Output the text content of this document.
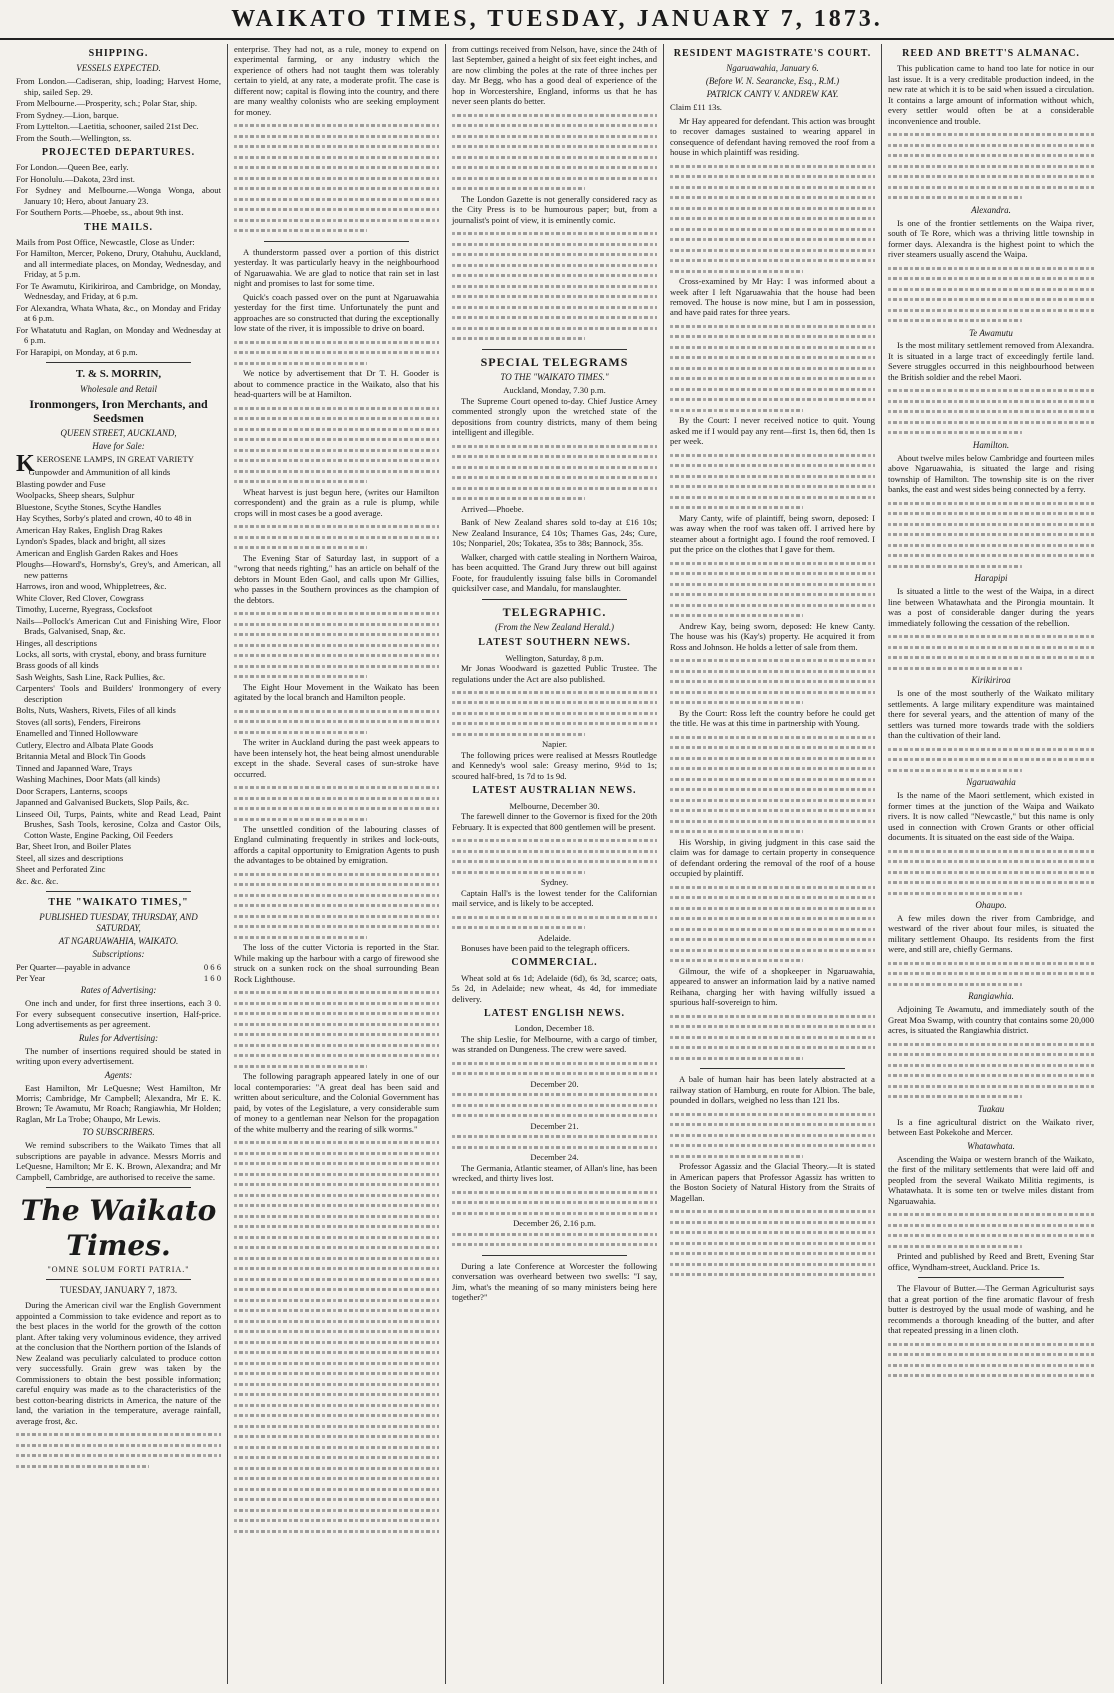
WAIKATO TIMES, TUESDAY, JANUARY 7, 1873.
SHIPPING.
VESSELS EXPECTED.

From London.—Cadiseran, ship, loading; Harvest Home, ship, sailed Sep. 29.

From Melbourne.—Prosperity, sch.; Polar Star, ship.

From Sydney.—Lion, barque.

From Lyttelton.—Laetitia, schooner, sailed 21st Dec.

From the South.—Wellington, ss.

PROJECTED DEPARTURES.

For London.—Queen Bee, early.

For Honolulu.—Dakota, 23rd inst.

For Sydney and Melbourne.—Wonga Wonga, about January 10; Hero, about January 23.

For Southern Ports.—Phoebe, ss., about 9th inst.

THE MAILS.

Mails from Post Office, Newcastle, Close as Under:

For Hamilton, Mercer, Pokeno, Drury, Otahuhu, Auckland, and all intermediate places, on Monday, Wednesday, and Friday, at 5 p.m.

For Te Awamutu, Kirikiriroa, and Cambridge, on Monday, Wednesday, and Friday, at 6 p.m.

For Alexandra, Whata Whata, &c., on Monday and Friday at 6 p.m.

For Whatatutu and Raglan, on Monday and Wednesday at 6 p.m.

For Harapipi, on Monday, at 6 p.m.

T. & S. MORRIN,
Wholesale and Retail
Ironmongers, Iron Merchants, and Seedsmen
QUEEN STREET, AUCKLAND,
Have for Sale:

KKEROSENE LAMPS, IN GREAT VARIETY

Gunpowder and Ammunition of all kinds

Blasting powder and Fuse

Woolpacks, Sheep shears, Sulphur

Bluestone, Scythe Stones, Scythe Handles

Hay Scythes, Sorby's plated and crown, 40 to 48 in

American Hay Rakes, English Drag Rakes

Lyndon's Spades, black and bright, all sizes

American and English Garden Rakes and Hoes

Ploughs—Howard's, Hornsby's, Grey's, and American, all new patterns

Harrows, iron and wood, Whippletrees, &c.

White Clover, Red Clover, Cowgrass

Timothy, Lucerne, Ryegrass, Cocksfoot

Nails—Pollock's American Cut and Finishing Wire, Floor Brads, Galvanised, Snap, &c.

Hinges, all descriptions

Locks, all sorts, with crystal, ebony, and brass furniture

Brass goods of all kinds

Sash Weights, Sash Line, Rack Pullies, &c.

Carpenters' Tools and Builders' Ironmongery of every description

Bolts, Nuts, Washers, Rivets, Files of all kinds

Stoves (all sorts), Fenders, Fireirons

Enamelled and Tinned Hollowware

Cutlery, Electro and Albata Plate Goods

Britannia Metal and Block Tin Goods

Tinned and Japanned Ware, Trays

Washing Machines, Door Mats (all kinds)

Door Scrapers, Lanterns, scoops

Japanned and Galvanised Buckets, Slop Pails, &c.

Linseed Oil, Turps, Paints, white and Read Lead, Paint Brushes, Sash Tools, kerosine, Colza and Castor Oils, Cotton Waste, Engine Packing, Oil Feeders

Bar, Sheet Iron, and Boiler Plates

Steel, all sizes and descriptions

Sheet and Perforated Zinc

&c. &c. &c.

THE "WAIKATO TIMES,"
PUBLISHED TUESDAY, THURSDAY, AND SATURDAY,
AT NGARUAWAHIA, WAIKATO.
Subscriptions:
Per Quarter—payable in advance	0 6 6
Per Year	1 6 0
Rates of Advertising:

One inch and under, for first three insertions, each 3 0. For every subsequent consecutive insertion, Half-price. Long advertisements as per agreement.

Rules for Advertising:

The number of insertions required should be stated in writing upon every advertisement.

Agents:

East Hamilton, Mr LeQuesne; West Hamilton, Mr Morris; Cambridge, Mr Campbell; Alexandra, Mr E. K. Brown; Te Awamutu, Mr Roach; Rangiawhia, Mr Holden; Raglan, Mr La Trobe; Ohaupo, Mr Lewis.

TO SUBSCRIBERS.

We remind subscribers to the Waikato Times that all subscriptions are payable in advance. Messrs Morris and LeQuesne, Hamilton; Mr E. K. Brown, Alexandra; and Mr Campbell, Cambridge, are authorised to receive the same.

The Waikato Times.
"OMNE SOLUM FORTI PATRIA."
TUESDAY, JANUARY 7, 1873.

During the American civil war the English Government appointed a Commission to take evidence and report as to the best places in the world for the growth of the cotton plant. After taking very voluminous evidence, they arrived at the conclusion that the Northern portion of the Islands of New Zealand was peculiarly calculated to produce cotton very successfully. Grain grew was taken by the Commissioners to obtain the best possible information; careful enquiry was made as to the characteristics of the best cotton-bearing districts in America, the nature of the land, the variation in the temperature, average rainfall, average frost, &c.

enterprise. They had not, as a rule, money to expend on experimental farming, or any industry which the experience of others had not taught them was tolerably certain to yield, at any rate, a moderate profit. The case is different now; capital is flowing into the country, and there are many wealthy colonists who are seeking employment for money.

A thunderstorm passed over a portion of this district yesterday. It was particularly heavy in the neighbourhood of Ngaruawahia. We are glad to notice that rain set in last night and promises to last for some time.

Quick's coach passed over on the punt at Ngaruawahia yesterday for the first time. Unfortunately the punt and approaches are so constructed that during the exceptionally low state of the river, it is impossible to drive on board.

We notice by advertisement that Dr T. H. Gooder is about to commence practice in the Waikato, also that his head-quarters will be at Hamilton.

Wheat harvest is just begun here, (writes our Hamilton correspondent) and the grain as a rule is plump, while crops will in most cases be a good average.

The Evening Star of Saturday last, in support of a "wrong that needs righting," has an article on behalf of the debtors in Mount Eden Gaol, and calls upon Mr Gillies, who passes in the Southern provinces as the champion of the debtors.

The Eight Hour Movement in the Waikato has been agitated by the local branch and Hamilton people.

The writer in Auckland during the past week appears to have been intensely hot, the heat being almost unendurable except in the shade. Several cases of sun-stroke have occurred.

The unsettled condition of the labouring classes of England culminating frequently in strikes and lock-outs, affords a capital opportunity to Emigration Agents to push the advantages to be obtained by emigration.

The loss of the cutter Victoria is reported in the Star. While making up the harbour with a cargo of firewood she struck on a sunken rock on the shoal surrounding Bean Rock Lighthouse.

The following paragraph appeared lately in one of our local contemporaries: "A great deal has been said and written about sericulture, and the Colonial Government has paid, by votes of the Legislature, a very considerable sum of money to a gentleman near Nelson for the propagation of the white mulberry and the rearing of silk worms."

from cuttings received from Nelson, have, since the 24th of last September, gained a height of six feet eight inches, and are now climbing the poles at the rate of three inches per day. Mr Begg, who has a good deal of experience of the hop in Worcestershire, England, informs us that he has never seen plants do better.

The London Gazette is not generally considered racy as the City Press is to be humourous paper; but, from a journalist's point of view, it is eminently comic.

SPECIAL TELEGRAMS
TO THE "WAIKATO TIMES."
Auckland, Monday, 7.30 p.m.

The Supreme Court opened to-day. Chief Justice Arney commented strongly upon the wretched state of the depositions from country districts, many of them being intelligent and illegible.

Arrived—Phoebe.

Bank of New Zealand shares sold to-day at £16 10s; New Zealand Insurance, £4 10s; Thames Gas, 24s; Cure, 10s; Nonpariel, 20s; Tokatea, 35s to 38s; Bannock, 35s.

Walker, charged with cattle stealing in Northern Wairoa, has been acquitted. The Grand Jury threw out bill against Foote, for fraudulently issuing false bills in Coromandel quicksilver case, and Mandalu, for manslaughter.

TELEGRAPHIC.
(From the New Zealand Herald.)
LATEST SOUTHERN NEWS.
Wellington, Saturday, 8 p.m.

Mr Jonas Woodward is gazetted Public Trustee. The regulations under the Act are also published.

Napier.

The following prices were realised at Messrs Routledge and Kennedy's wool sale: Greasy merino, 9½d to 1s; scoured half-bred, 1s 7d to 1s 9d.

LATEST AUSTRALIAN NEWS.
Melbourne, December 30.

The farewell dinner to the Governor is fixed for the 20th February. It is expected that 800 gentlemen will be present.

Sydney.

Captain Hall's is the lowest tender for the Californian mail service, and is likely to be accepted.

Adelaide.

Bonuses have been paid to the telegraph officers.

COMMERCIAL.

Wheat sold at 6s 1d; Adelaide (6d), 6s 3d, scarce; oats, 5s 2d, in Adelaide; new wheat, 4s 4d, for immediate delivery.

LATEST ENGLISH NEWS.
London, December 18.

The ship Leslie, for Melbourne, with a cargo of timber, was stranded on Dungeness. The crew were saved.

December 20.
December 21.
December 24.

The Germania, Atlantic steamer, of Allan's line, has been wrecked, and thirty lives lost.

December 26, 2.16 p.m.

During a late Conference at Worcester the following conversation was overheard between two swells: "I say, Jim, what's the meaning of so many ministers being here together?"

RESIDENT MAGISTRATE'S COURT.
Ngaruawahia, January 6.
(Before W. N. Searancke, Esq., R.M.)
PATRICK CANTY V. ANDREW KAY.

Claim £11 13s.

Mr Hay appeared for defendant. This action was brought to recover damages sustained to wearing apparel in consequence of defendant having removed the roof from a house in which plaintiff was residing.

Cross-examined by Mr Hay: I was informed about a week after I left Ngaruawahia that the house had been removed. The house is now mine, but I am in possession, and have paid rates for three years.

By the Court: I never received notice to quit. Young asked me if I would pay any rent—first 1s, then 6d, then 1s per week.

Mary Canty, wife of plaintiff, being sworn, deposed: I was away when the roof was taken off. I arrived here by steamer about a fortnight ago. I found the roof removed. I put the price on the clothes that I gave for them.

Andrew Kay, being sworn, deposed: He knew Canty. The house was his (Kay's) property. He acquired it from Ross and Johnson. He holds a letter of sale from them.

By the Court: Ross left the country before he could get the title. He was at this time in partnership with Young.

His Worship, in giving judgment in this case said the claim was for damage to certain property in consequence of defendant ordering the removal of the roof of a house occupied by plaintiff.

Gilmour, the wife of a shopkeeper in Ngaruawahia, appeared to answer an information laid by a native named Reihana, charging her with having wilfully issued a spurious half-sovereign to him.

A bale of human hair has been lately abstracted at a railway station of Hamburg, en route for Albion. The bale, pounded in dollars, weighed no less than 121 lbs.

Professor Agassiz and the Glacial Theory.—It is stated in American papers that Professor Agassiz has written to the Boston Society of Natural History from the Straits of Magellan.

REED AND BRETT'S ALMANAC.

This publication came to hand too late for notice in our last issue. It is a very creditable production indeed, in the new rate at which it is to be said when issued a circulation. It contains a large amount of information without which, every settler would often be at a considerable inconvenience and trouble.

Alexandra.

Is one of the frontier settlements on the Waipa river, south of Te Rore, which was a thriving little township in former days. Alexandra is the highest point to which the river steamers usually ascend the Waipa.

Te Awamutu

Is the most military settlement removed from Alexandra. It is situated in a large tract of exceedingly fertile land. Severe struggles occurred in this neighbourhood between the British soldier and the rebel Maori.

Hamilton.

About twelve miles below Cambridge and fourteen miles above Ngaruawahia, is situated the large and rising township of Hamilton. The township site is on the river banks, the east and west sides being connected by a ferry.

Harapipi

Is situated a little to the west of the Waipa, in a direct line between Whatawhata and the Pirongia mountain. It was a post of considerable danger during the years immediately following the cessation of the rebellion.

Kirikiriroa

Is one of the most southerly of the Waikato military settlements. A large military expenditure was maintained there for several years, and the attention of many of the settlers was turned more towards trade with the soldiers than the cultivation of their land.

Ngaruawahia

Is the name of the Maori settlement, which existed in former times at the junction of the Waipa and Waikato rivers. It is now called "Newcastle," but this name is only used in connection with Crown Grants or other official documents. It is situated on the east side of the Waipa.

Ohaupo.

A few miles down the river from Cambridge, and westward of the river about four miles, is situated the military settlement Ohaupo. Its residents from the first were, and still are, chiefly Germans.

Rangiawhia.

Adjoining Te Awamutu, and immediately south of the Great Moa Swamp, with country that contains some 20,000 acres, is situated the Rangiawhia district.

Tuakau

Is a fine agricultural district on the Waikato river, between East Pokekohe and Mercer.

Whatawhata.

Ascending the Waipa or western branch of the Waikato, the first of the military settlements that were laid off and peopled from the several Waikato Militia regiments, is Whatawhata. It is some ten or twelve miles distant from Ngaruawahia.

Printed and published by Reed and Brett, Evening Star office, Wyndham-street, Auckland. Price 1s.

The Flavour of Butter.—The German Agriculturist says that a great portion of the fine aromatic flavour of fresh butter is destroyed by the usual mode of washing, and he recommends a thorough kneading of the butter, and after that repeated pressing in a linen cloth.
